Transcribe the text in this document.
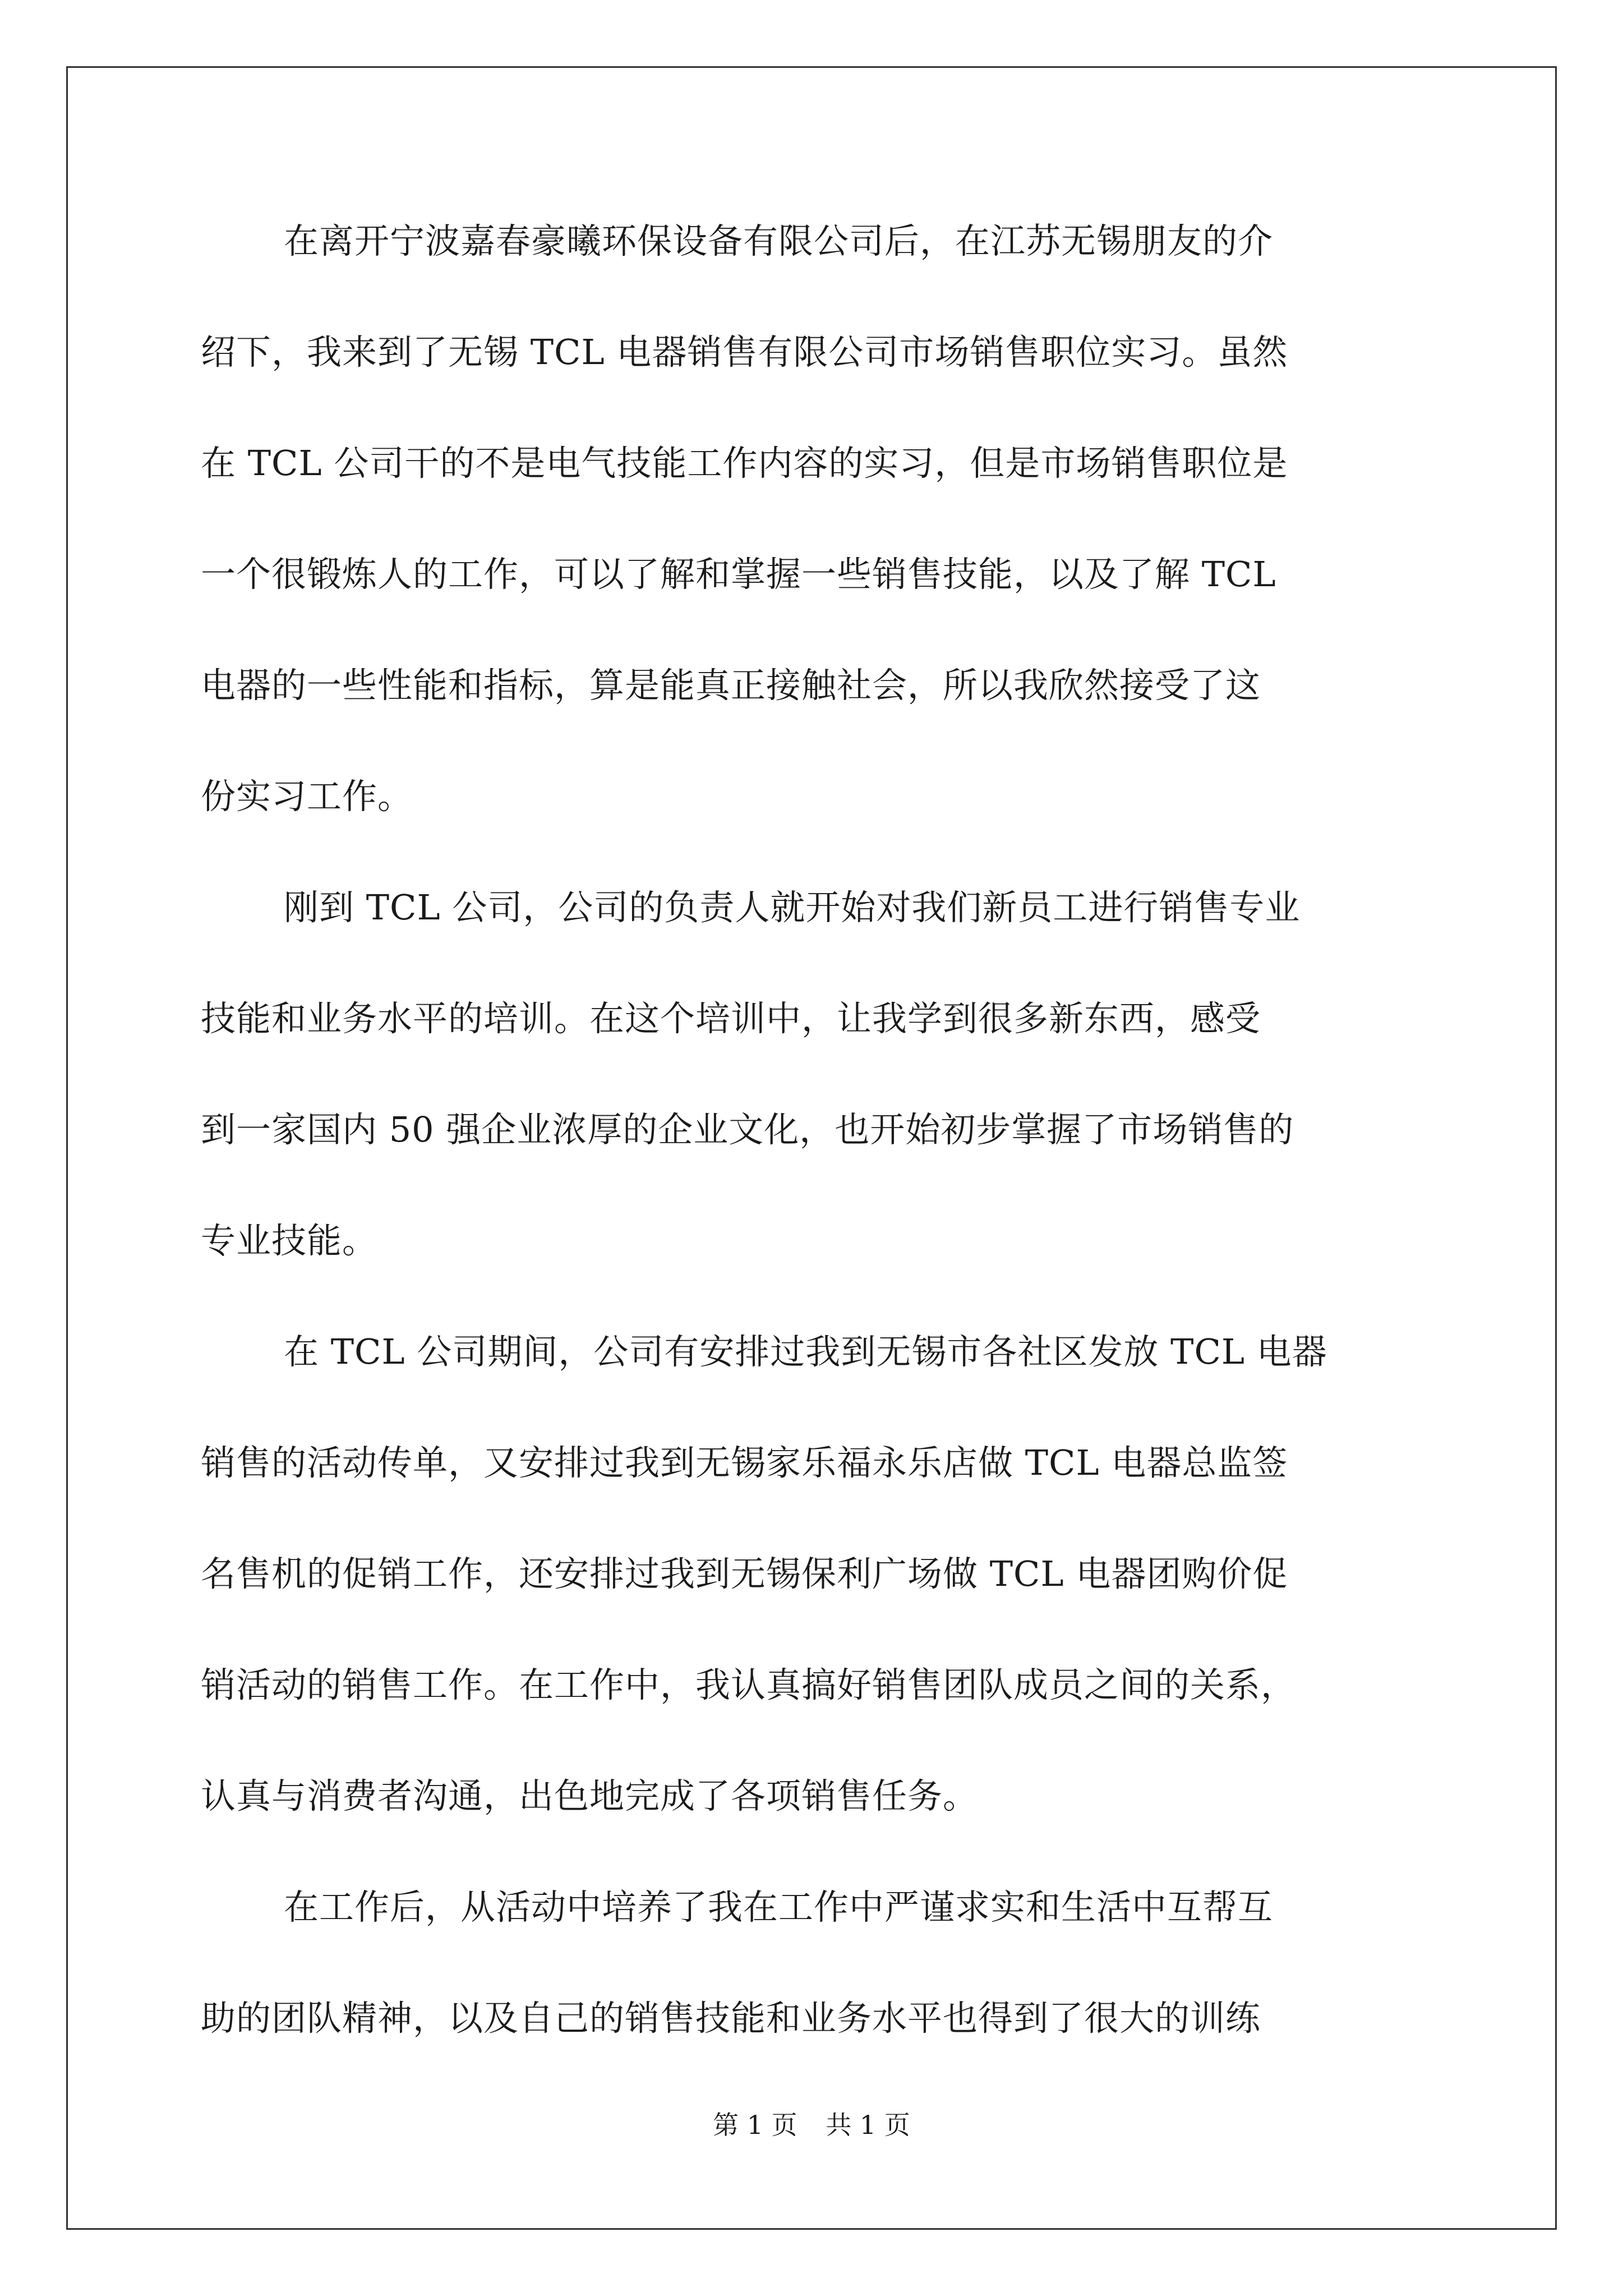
在离开宁波嘉春豪曦环保设备有限公司后，在江苏无锡朋友的介
绍下，我来到了无锡 TCL 电器销售有限公司市场销售职位实习。虽然
在 TCL 公司干的不是电气技能工作内容的实习，但是市场销售职位是
一个很锻炼人的工作，可以了解和掌握一些销售技能，以及了解 TCL
电器的一些性能和指标，算是能真正接触社会，所以我欣然接受了这
份实习工作。
刚到 TCL 公司，公司的负责人就开始对我们新员工进行销售专业
技能和业务水平的培训。在这个培训中，让我学到很多新东西，感受
到一家国内 50 强企业浓厚的企业文化，也开始初步掌握了市场销售的
专业技能。
在 TCL 公司期间，公司有安排过我到无锡市各社区发放 TCL 电器
销售的活动传单，又安排过我到无锡家乐福永乐店做 TCL 电器总监签
名售机的促销工作，还安排过我到无锡保利广场做 TCL 电器团购价促
销活动的销售工作。在工作中，我认真搞好销售团队成员之间的关系，
认真与消费者沟通，出色地完成了各项销售任务。
在工作后，从活动中培养了我在工作中严谨求实和生活中互帮互
助的团队精神，以及自己的销售技能和业务水平也得到了很大的训练
第 1 页 共 1 页
